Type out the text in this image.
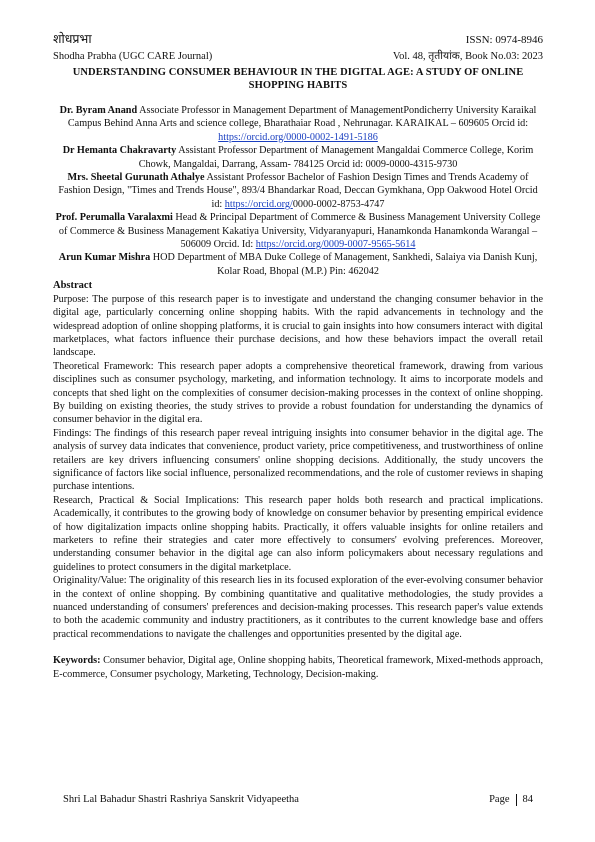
शोधप्रभा	ISSN: 0974-8946
Shodha Prabha (UGC CARE Journal)	Vol. 48, तृतीयांक, Book No.03: 2023
UNDERSTANDING CONSUMER BEHAVIOUR IN THE DIGITAL AGE: A STUDY OF ONLINE SHOPPING HABITS

Dr. Byram Anand Associate Professor in Management Department of ManagementPondicherry University Karaikal Campus Behind Anna Arts and science college, Bharathaiar Road , Nehrunagar. KARAIKAL – 609605 Orcid id: https://orcid.org/0000-0002-1491-5186

Dr Hemanta Chakravarty Assistant Professor Department of Management Mangaldai Commerce College, Korim Chowk, Mangaldai, Darrang, Assam- 784125 Orcid id: 0009-0000-4315-9730

Mrs. Sheetal Gurunath Athalye Assistant Professor Bachelor of Fashion Design Times and Trends Academy of Fashion Design, "Times and Trends House", 893/4 Bhandarkar Road, Deccan Gymkhana, Opp Oakwood Hotel Orcid id: https://orcid.org/0000-0002-8753-4747

Prof. Perumalla Varalaxmi Head & Principal Department of Commerce & Business Management University College of Commerce & Business Management Kakatiya University, Vidyaranyapuri, Hanamkonda Hanamkonda Warangal – 506009 Orcid. Id: https://orcid.org/0009-0007-9565-5614

Arun Kumar Mishra HOD Department of MBA Duke College of Management, Sankhedi, Salaiya via Danish Kunj, Kolar Road, Bhopal (M.P.) Pin: 462042

Abstract

Purpose: The purpose of this research paper is to investigate and understand the changing consumer behavior in the digital age, particularly concerning online shopping habits. With the rapid advancements in technology and the widespread adoption of online shopping platforms, it is crucial to gain insights into how consumers interact with digital marketplaces, what factors influence their purchase decisions, and how these behaviors impact the overall retail landscape.

Theoretical Framework: This research paper adopts a comprehensive theoretical framework, drawing from various disciplines such as consumer psychology, marketing, and information technology. It aims to incorporate models and concepts that shed light on the complexities of consumer decision-making processes in the context of online shopping. By building on existing theories, the study strives to provide a robust foundation for understanding the dynamics of consumer behavior in the digital era.

Findings: The findings of this research paper reveal intriguing insights into consumer behavior in the digital age. The analysis of survey data indicates that convenience, product variety, price competitiveness, and trustworthiness of online retailers are key drivers influencing consumers' online shopping decisions. Additionally, the study uncovers the significance of factors like social influence, personalized recommendations, and the role of customer reviews in shaping purchase intentions.

Research, Practical & Social Implications: This research paper holds both research and practical implications. Academically, it contributes to the growing body of knowledge on consumer behavior by presenting empirical evidence of how digitalization impacts online shopping habits. Practically, it offers valuable insights for online retailers and marketers to refine their strategies and cater more effectively to consumers' evolving preferences. Moreover, understanding consumer behavior in the digital age can also inform policymakers about necessary regulations and guidelines to protect consumers in the digital marketplace.

Originality/Value: The originality of this research lies in its focused exploration of the ever-evolving consumer behavior in the context of online shopping. By combining quantitative and qualitative methodologies, the study provides a nuanced understanding of consumers' preferences and decision-making processes. This research paper's value extends to both the academic community and industry practitioners, as it contributes to the current knowledge base and offers practical recommendations to navigate the challenges and opportunities presented by the digital age.

Keywords: Consumer behavior, Digital age, Online shopping habits, Theoretical framework, Mixed-methods approach, E-commerce, Consumer psychology, Marketing, Technology, Decision-making.
Shri Lal Bahadur Shastri Rashriya Sanskrit Vidyapeetha	Page 84
